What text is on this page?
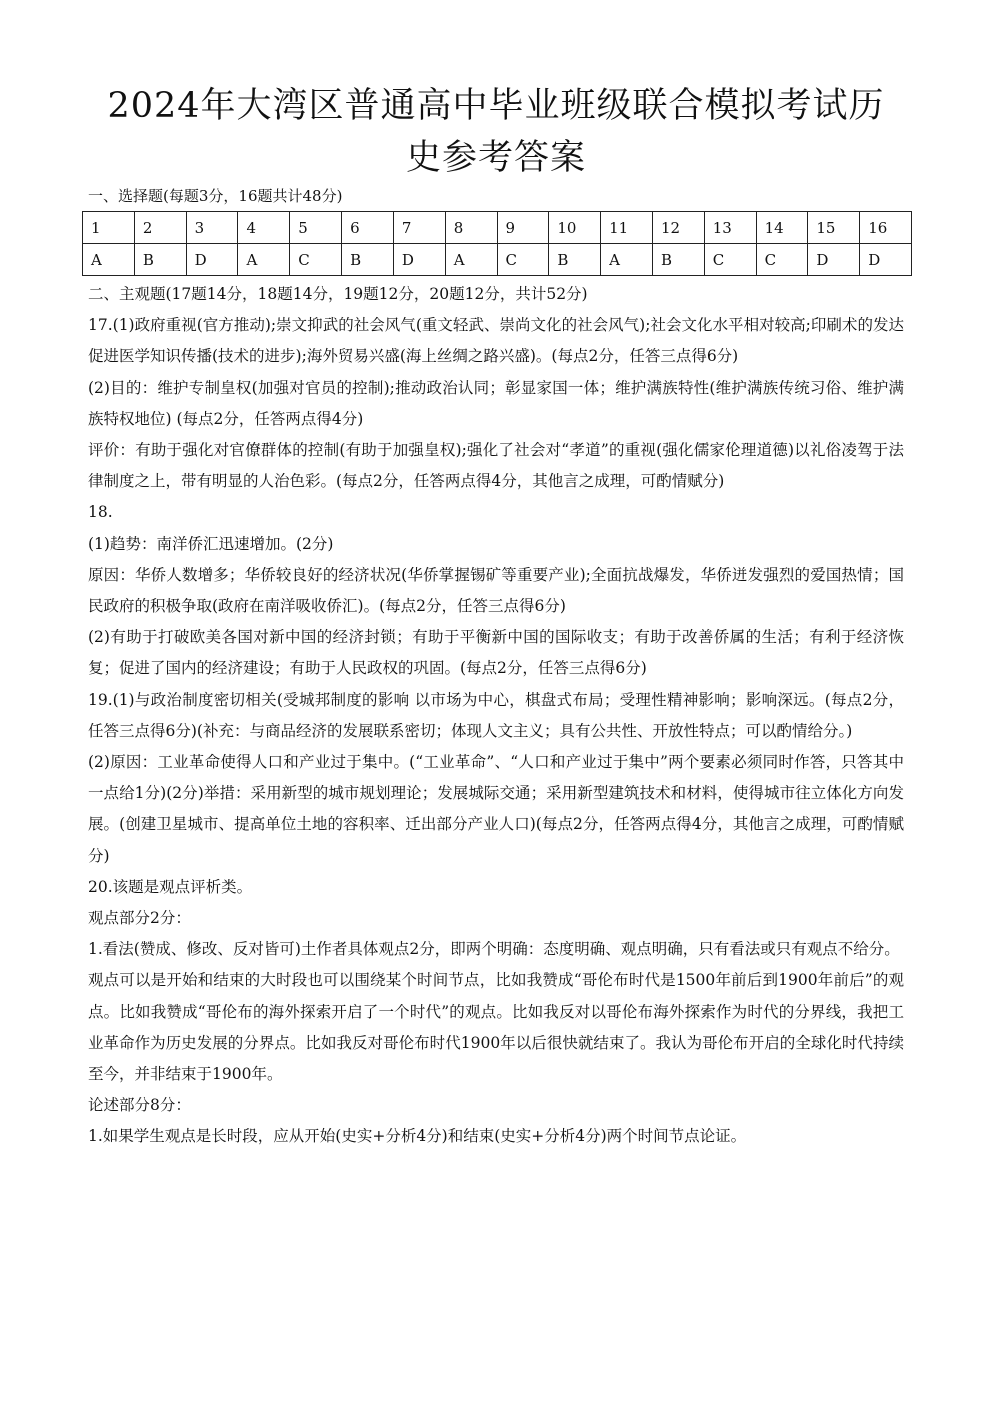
2024年大湾区普通高中毕业班级联合模拟考试历
史参考答案
一、选择题(每题3分，16题共计48分)
1	2	3	4	5	6	7	8	9	10	11	12	13	14	15	16
A	B	D	A	C	B	D	A	C	B	A	B	C	C	D	D

二、主观题(17题14分，18题14分，19题12分，20题12分，共计52分)

17.(1)政府重视(官方推动);崇文抑武的社会风气(重文轻武、崇尚文化的社会风气);社会文化水平相对较高;印刷术的发达促进医学知识传播(技术的进步);海外贸易兴盛(海上丝绸之路兴盛)。(每点2分，任答三点得6分)

(2)目的：维护专制皇权(加强对官员的控制);推动政治认同；彰显家国一体；维护满族特性(维护满族传统习俗、维护满族特权地位) (每点2分，任答两点得4分)

评价：有助于强化对官僚群体的控制(有助于加强皇权);强化了社会对“孝道”的重视(强化儒家伦理道德)以礼俗凌驾于法律制度之上，带有明显的人治色彩。(每点2分，任答两点得4分，其他言之成理，可酌情赋分)

18.

(1)趋势：南洋侨汇迅速增加。(2分)

原因：华侨人数增多；华侨较良好的经济状况(华侨掌握锡矿等重要产业);全面抗战爆发，华侨迸发强烈的爱国热情；国民政府的积极争取(政府在南洋吸收侨汇)。(每点2分，任答三点得6分)

(2)有助于打破欧美各国对新中国的经济封锁；有助于平衡新中国的国际收支；有助于改善侨属的生活；有利于经济恢复；促进了国内的经济建设；有助于人民政权的巩固。(每点2分，任答三点得6分)

19.(1)与政治制度密切相关(受城邦制度的影响 以市场为中心，棋盘式布局；受理性精神影响；影响深远。(每点2分，任答三点得6分)(补充：与商品经济的发展联系密切；体现人文主义；具有公共性、开放性特点；可以酌情给分。)

(2)原因：工业革命使得人口和产业过于集中。(“工业革命”、“人口和产业过于集中”两个要素必须同时作答，只答其中一点给1分)(2分)举措：采用新型的城市规划理论；发展城际交通；采用新型建筑技术和材料，使得城市往立体化方向发展。(创建卫星城市、提高单位土地的容积率、迁出部分产业人口)(每点2分，任答两点得4分，其他言之成理，可酌情赋分)

20.该题是观点评析类。

观点部分2分：

1.看法(赞成、修改、反对皆可)土作者具体观点2分，即两个明确：态度明确、观点明确，只有看法或只有观点不给分。

观点可以是开始和结束的大时段也可以围绕某个时间节点，比如我赞成“哥伦布时代是1500年前后到1900年前后”的观点。比如我赞成“哥伦布的海外探索开启了一个时代”的观点。比如我反对以哥伦布海外探索作为时代的分界线，我把工业革命作为历史发展的分界点。比如我反对哥伦布时代1900年以后很快就结束了。我认为哥伦布开启的全球化时代持续至今，并非结束于1900年。

论述部分8分：

1.如果学生观点是长时段，应从开始(史实+分析4分)和结束(史实+分析4分)两个时间节点论证。
